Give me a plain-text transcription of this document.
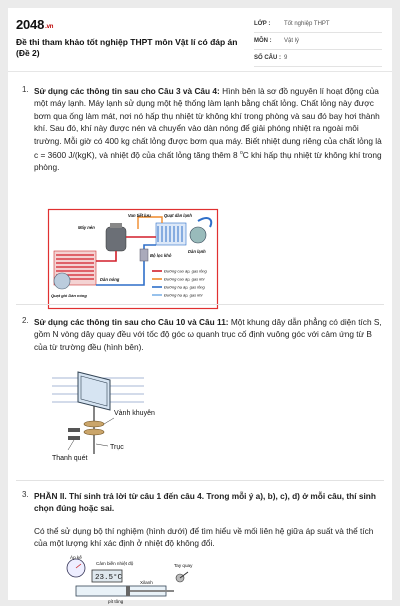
2048.vn
Đề thi tham khảo tốt nghiệp THPT môn Vật lí có đáp án (Đề 2)
LỚP :	Tốt nghiệp THPT
MÔN :	Vật lý
SỐ CÂU : 9
1. Sử dụng các thông tin sau cho Câu 3 và Câu 4: Hình bên là sơ đồ nguyên lí hoạt động của một máy lạnh. Máy lạnh sử dụng một hệ thống làm lạnh bằng chất lỏng. Chất lỏng này được bơm qua ống làm mát, nơi nó hấp thụ nhiệt từ không khí trong phòng và sau đó bay hơi thành khí. Sau đó, khí này được nén và chuyển vào dàn nóng để giải phóng nhiệt ra ngoài môi trường. Mỗi giờ có 400 kg chất lỏng được bơm qua máy. Biết nhiệt dung riêng của chất lỏng là c = 3600 J/(kgK), và nhiệt độ của chất lỏng tăng thêm 8 $^o$C khi hấp thụ nhiệt từ không khí trong phòng.
Van tiết lưu	Quạt dàn lạnh
Máy nén
Bộ lọc khô
Dàn lạnh
Quạt gió Dàn nóng
Dàn nóng
Đường cao áp, gas lỏng
Đường cao áp, gas khí
Đường hạ áp, gas lỏng
Đường hạ áp, gas khí
2. Sử dụng các thông tin sau cho Câu 10 và Câu 11: Một khung dây dẫn phẳng có diện tích S, gồm N vòng dây quay đều với tốc độ góc ω quanh trục cố định vuông góc với cảm ứng từ B của từ trường đều (hình bên).
Vành khuyên
Trục
Thanh quét
3. PHẦN II. Thí sinh trả lời từ câu 1 đến câu 4. Trong mỗi ý a), b), c), d) ở mỗi câu, thí sinh chọn đúng hoặc sai.
Có thể sử dụng bộ thí nghiệm (hình dưới) để tìm hiểu về mối liên hệ giữa áp suất và thể tích của một lượng khí xác định ở nhiệt độ không đổi.
23.5°C
Áp kế
Cảm biến nhiệt độ	Tay quay
Xilanh
pít tông
